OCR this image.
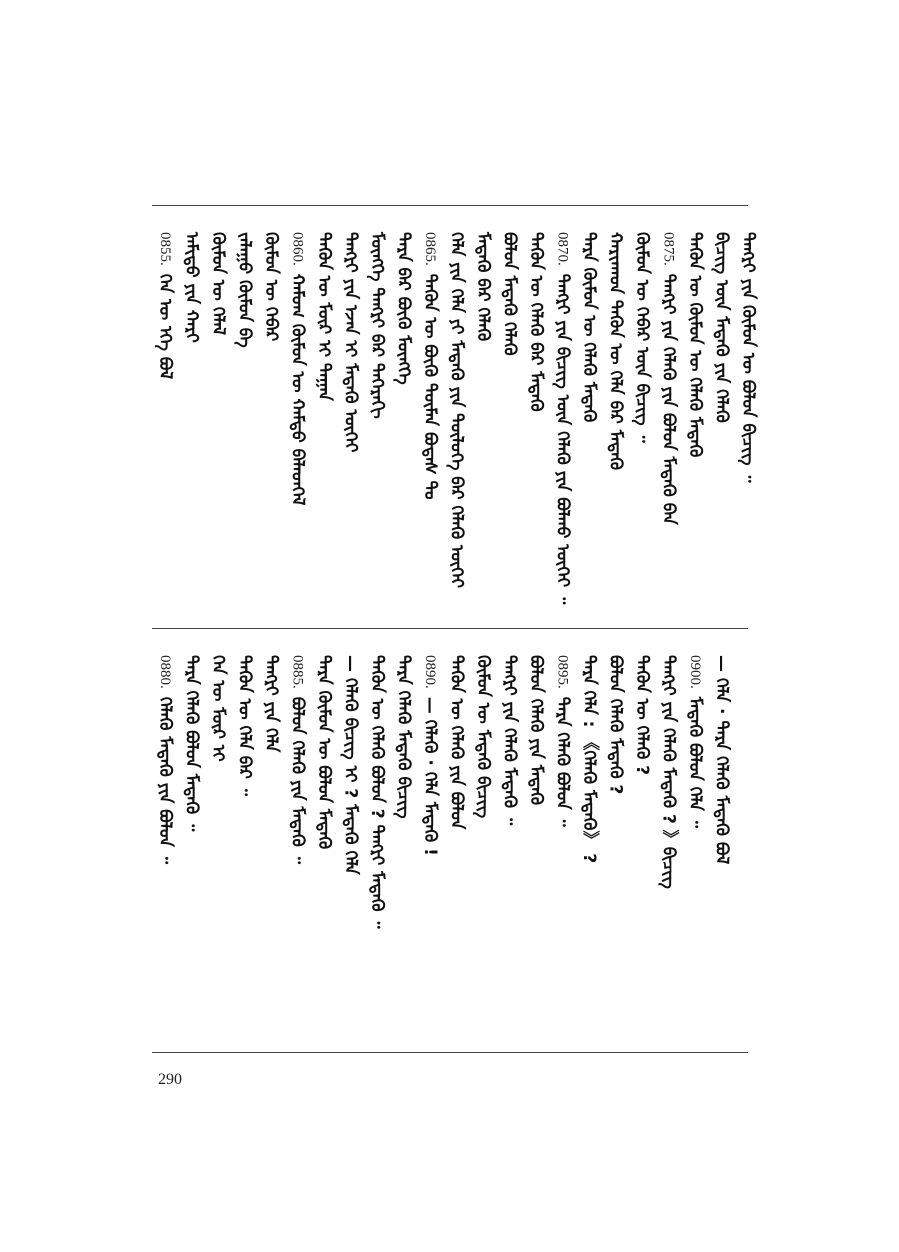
0855.ᠬᠡᠨ ᠦ ᠡᠬᠡ ᠪᠤᠯ ᠠᠮᠢᠳᠤ ᠶᠢᠨ ᠬᠠᠷᠢ ᠬᠦᠮᠦᠨ ᠦ ᠬᠡᠯᠡᠯ ᠵᠠᠯᠠᠭᠤ ᠬᠦᠮᠦᠨ ᠪᠡ ᠬᠦᠮᠦᠨ ᠦ ᠬᠡᠪᠡᠷ 0860.ᠬᠠᠮᠤᠭ ᠬᠦᠮᠦᠨ ᠦ ᠬᠠᠮᠲᠤ ᠪᠡᠯᠡᠳᠬᠡᠯ ᠲᠡᠭᠦᠨ ᠦ ᠮᠦᠷ ᠢ ᠳᠠᠭᠠᠨ ᠲᠡᠩᠷᠢ ᠶᠢᠨ ᠡᠵᠡᠨ ᠢ ᠮᠡᠳᠡᠬᠦ ᠦᠭᠡᠢ ᠮᠦᠩᠬᠡ ᠲᠡᠩᠷᠢ ᠪᠡᠷ ᠳᠡᠭᠡᠷᠡᠬᠢ ᠲᠡᠷᠡ ᠪᠡᠷ ᠪᠦᠬᠦ ᠮᠦᠩᠬᠡ 0865.ᠲᠡᠭᠦᠨ ᠦ ᠪᠦᠬᠦ ᠲᠦᠮᠡᠨ ᠪᠣᠳᠠᠰ ᠲᠤ ᠬᠡᠯᠡ ᠶᠢᠨ ᠬᠡᠯᠡ ᠶᠢ ᠮᠡᠳᠡᠬᠦ ᠶᠢᠨ ᠲᠥᠯᠥᠭᠡ ᠪᠡᠷ ᠬᠡᠯᠡᠬᠦ ᠦᠭᠡᠢ ᠮᠡᠳᠡᠬᠦ ᠪᠡᠷ ᠬᠡᠯᠡᠬᠦ ᠪᠣᠯᠤᠨ ᠮᠡᠳᠡᠬᠦ ᠬᠡᠯᠡᠬᠦ ᠲᠡᠭᠦᠨ ᠦ ᠬᠡᠯᠡᠬᠦ ᠪᠡᠷ ᠮᠡᠳᠡᠬᠦ 0870.ᠲᠡᠩᠷᠢ ᠶᠢᠨ ᠪᠢᠴᠢᠭ ᠦᠨ ᠬᠡᠯᠡᠬᠦ ᠶᠢᠨ ᠪᠣᠯᠬᠤ ᠦᠭᠡᠢ ᠃ ᠲᠡᠷᠡ ᠬᠦᠮᠦᠨ ᠦ ᠬᠡᠯᠡᠬᠦ ᠮᠡᠳᠡᠬᠦ ᠬᠠᠷᠢᠬᠠᠳ ᠲᠡᠭᠦᠨ ᠦ ᠬᠡᠯᠡ ᠪᠡᠷ ᠮᠡᠳᠡᠬᠦ ᠬᠦᠮᠦᠨ ᠦ ᠬᠡᠪᠡᠷ ᠦᠨ ᠪᠢᠴᠢᠭ ᠃ 0875.ᠲᠡᠩᠷᠢ ᠶᠢᠨ ᠬᠡᠯᠡᠬᠦ ᠶᠢᠨ ᠪᠣᠯᠤᠨ ᠮᠡᠳᠡᠬᠦ ᠪᠠᠨ ᠲᠡᠭᠦᠨ ᠦ ᠬᠦᠮᠦᠨ ᠦ ᠬᠡᠯᠡᠬᠦ ᠮᠡᠳᠡᠬᠦ ᠪᠢᠴᠢᠭ ᠦᠨ ᠮᠡᠳᠡᠬᠦ ᠶᠢᠨ ᠬᠡᠯᠡᠬᠦ ᠲᠡᠩᠷᠢ ᠶᠢᠨ ᠬᠦᠮᠦᠨ ᠦ ᠪᠣᠯᠤᠨ ᠪᠢᠴᠢᠭ ᠃
0880.ᠬᠡᠯᠡᠬᠦ ᠮᠡᠳᠡᠬᠦ ᠶᠢᠨ ᠪᠣᠯᠤᠨ ᠃ ᠲᠡᠷᠡ ᠬᠡᠯᠡᠬᠦ ᠪᠣᠯᠤᠨ ᠮᠡᠳᠡᠬᠦ ᠃ ᠬᠡᠨ ᠦ ᠮᠦᠷ ᠢ ᠲᠡᠭᠦᠨ ᠦ ᠬᠡᠯᠡ ᠪᠡᠷ ᠃ ᠲᠡᠩᠷᠢ ᠶᠢᠨ ᠬᠡᠯᠡ 0885.ᠪᠣᠯᠤᠨ ᠬᠡᠯᠡᠬᠦ ᠶᠢᠨ ᠮᠡᠳᠡᠬᠦ ᠃ ᠲᠡᠷᠡ ᠬᠦᠮᠦᠨ ᠦ ᠪᠣᠯᠤᠨ ᠮᠡᠳᠡᠬᠦ — ᠬᠡᠯᠡᠬᠦ ᠪᠢᠴᠢᠭ ᠢ ? ᠮᠡᠳᠡᠬᠦ ᠬᠡᠯᠡ ᠲᠡᠭᠦᠨ ᠦ ᠬᠡᠯᠡᠬᠦ ᠪᠣᠯᠤᠨ ? ᠲᠡᠩᠷᠢ ᠮᠡᠳᠡᠬᠦ ᠃ ᠲᠡᠷᠡ ᠬᠡᠯᠡᠬᠦ ᠮᠡᠳᠡᠬᠦ ᠪᠢᠴᠢᠭ 0890.— ᠬᠡᠯᠡᠬᠦ · ᠬᠡᠯᠡ ᠮᠡᠳᠡᠬᠦ ! ᠲᠡᠭᠦᠨ ᠦ ᠬᠡᠯᠡᠬᠦ ᠶᠢᠨ ᠪᠣᠯᠤᠨ ᠬᠦᠮᠦᠨ ᠦ ᠮᠡᠳᠡᠬᠦ ᠪᠢᠴᠢᠭ ᠲᠡᠩᠷᠢ ᠶᠢᠨ ᠬᠡᠯᠡᠬᠦ ᠮᠡᠳᠡᠬᠦ ᠃ ᠪᠣᠯᠤᠨ ᠬᠡᠯᠡᠬᠦ ᠶᠢᠨ ᠮᠡᠳᠡᠬᠦ 0895.ᠲᠡᠷᠡ ᠬᠡᠯᠡᠬᠦ ᠪᠣᠯᠤᠨ ᠃ ᠲᠡᠷᠡ ᠬᠡᠯᠡ : 《ᠬᠡᠯᠡᠬᠦ ᠮᠡᠳᠡᠬᠦ》 ? ᠪᠣᠯᠤᠨ ᠬᠡᠯᠡᠬᠦ ᠮᠡᠳᠡᠬᠦ ? ᠲᠡᠭᠦᠨ ᠦ ᠬᠡᠯᠡᠬᠦ ? ᠲᠡᠩᠷᠢ ᠶᠢᠨ ᠬᠡᠯᠡᠬᠦ ᠮᠡᠳᠡᠬᠦ ? 》ᠪᠢᠴᠢᠭ 0900.ᠮᠡᠳᠡᠬᠦ ᠪᠣᠯᠤᠨ ᠬᠡᠯᠡ ᠃ — ᠬᠡᠯᠡ · ᠲᠡᠷᠡ ᠬᠡᠯᠡᠬᠦ ᠮᠡᠳᠡᠬᠦ ᠪᠣᠯ
290
